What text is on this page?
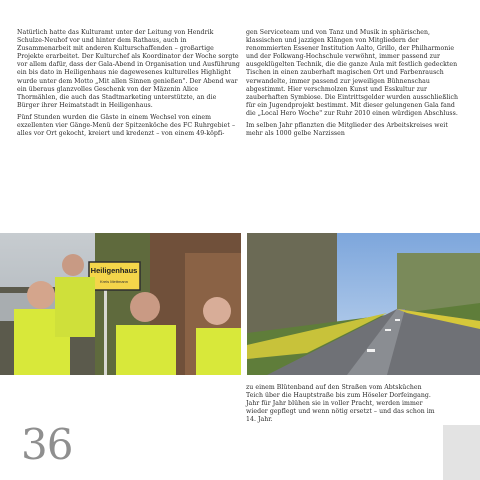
Natürlich hatte das Kulturamt unter der Leitung von Hendrik Schulze-Neuhof vor und hinter dem Rathaus, auch in Zusammenarbeit mit anderen Kulturschaffenden – großartige Projekte erarbeitet. Der Kulturchef als Koordinator der Woche sorgte vor allem dafür, dass der Gala-Abend in Organisation und Ausführung ein bis dato in Heiligenhaus nie dagewesenes kulturelles Highlight wurde unter dem Motto „Mit allen Sinnen genießen". Der Abend war ein überaus glanzvolles Geschenk von der Mäzenin Alice Thormählen, die auch das Stadtmarketing unterstützte, an die Bürger ihrer Heimatstadt in Heiligenhaus.

Fünf Stunden wurden die Gäste in einem Wechsel von einem exzellenten vier Gänge-Menü der Spitzenköche des FC Ruhrgebiet – alles vor Ort gekocht, kreiert und kredenzt – von einem 49-köpfi-

gen Serviceteam und von Tanz und Musik in sphärischen, klassischen und jazzigen Klängen von Mitgliedern der renommierten Essener Institution Aalto, Grillo, der Philharmonie und der Folkwang-Hochschule verwöhnt, immer passend zur ausgeklügelten Technik, die die ganze Aula mit festlich gedeckten Tischen in einen zauberhaft magischen Ort und Farbenrausch verwandelte, immer passend zur jeweiligen Bühnenschau abgestimmt. Hier verschmolzen Kunst und Esskultur zur zauberhaften Symbiose. Die Eintrittsgelder wurden ausschließlich für ein Jugendprojekt bestimmt. Mit dieser gelungenen Gala fand die „Local Hero Woche" zur Ruhr 2010 einen würdigen Abschluss.

Im selben Jahr pflanzten die Mitglieder des Arbeitskreises weit mehr als 1000 gelbe Narzissen

Heiligenhaus
Kreis Mettmann

zu einem Blütenband auf den Straßen vom Abtsküchen Teich über die Hauptstraße bis zum Höseler Dorfeingang. Jahr für Jahr blühen sie in voller Pracht, werden immer wieder gepflegt und wenn nötig ersetzt – und das schon im 14. Jahr.

36
